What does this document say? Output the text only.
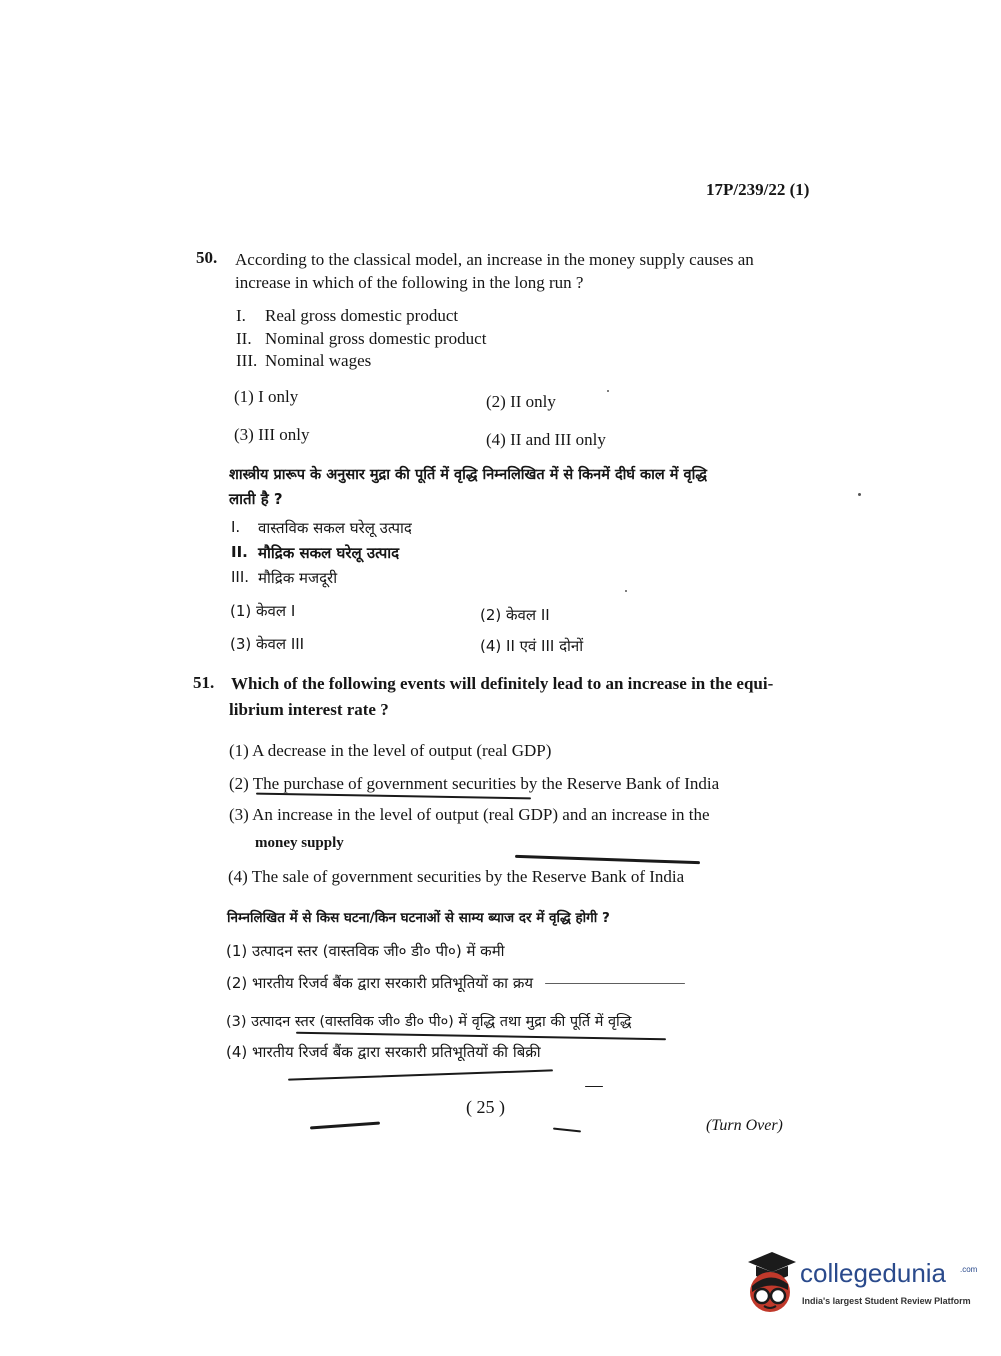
17P/239/22 (1)
50. According to the classical model, an increase in the money supply causes an
increase in which of the following in the long run ?
I. Real gross domestic product
II. Nominal gross domestic product
III. Nominal wages
(1) I only	(2) II only
(3) III only	(4) II and III only
शास्त्रीय प्रारूप के अनुसार मुद्रा की पूर्ति में वृद्धि निम्नलिखित में से किनमें दीर्घ काल में वृद्धि
लाती है ?
I. वास्तविक सकल घरेलू उत्पाद
II. मौद्रिक सकल घरेलू उत्पाद
III. मौद्रिक मजदूरी
(1) केवल I	(2) केवल II
(3) केवल III	(4) II एवं III दोनों
51. Which of the following events will definitely lead to an increase in the equi-
librium interest rate ?
(1) A decrease in the level of output (real GDP)
(2) The purchase of government securities by the Reserve Bank of India
(3) An increase in the level of output (real GDP) and an increase in the
money supply
(4) The sale of government securities by the Reserve Bank of India
निम्नलिखित में से किस घटना/किन घटनाओं से साम्य ब्याज दर में वृद्धि होगी ?
(1) उत्पादन स्तर (वास्तविक जी० डी० पी०) में कमी
(2) भारतीय रिजर्व बैंक द्वारा सरकारी प्रतिभूतियों का क्रय
(3) उत्पादन स्तर (वास्तविक जी० डी० पी०) में वृद्धि तथा मुद्रा की पूर्ति में वृद्धि
(4) भारतीय रिजर्व बैंक द्वारा सरकारी प्रतिभूतियों की बिक्री
( 25 )
(Turn Over)
collegedunia .com
India's largest Student Review Platform
